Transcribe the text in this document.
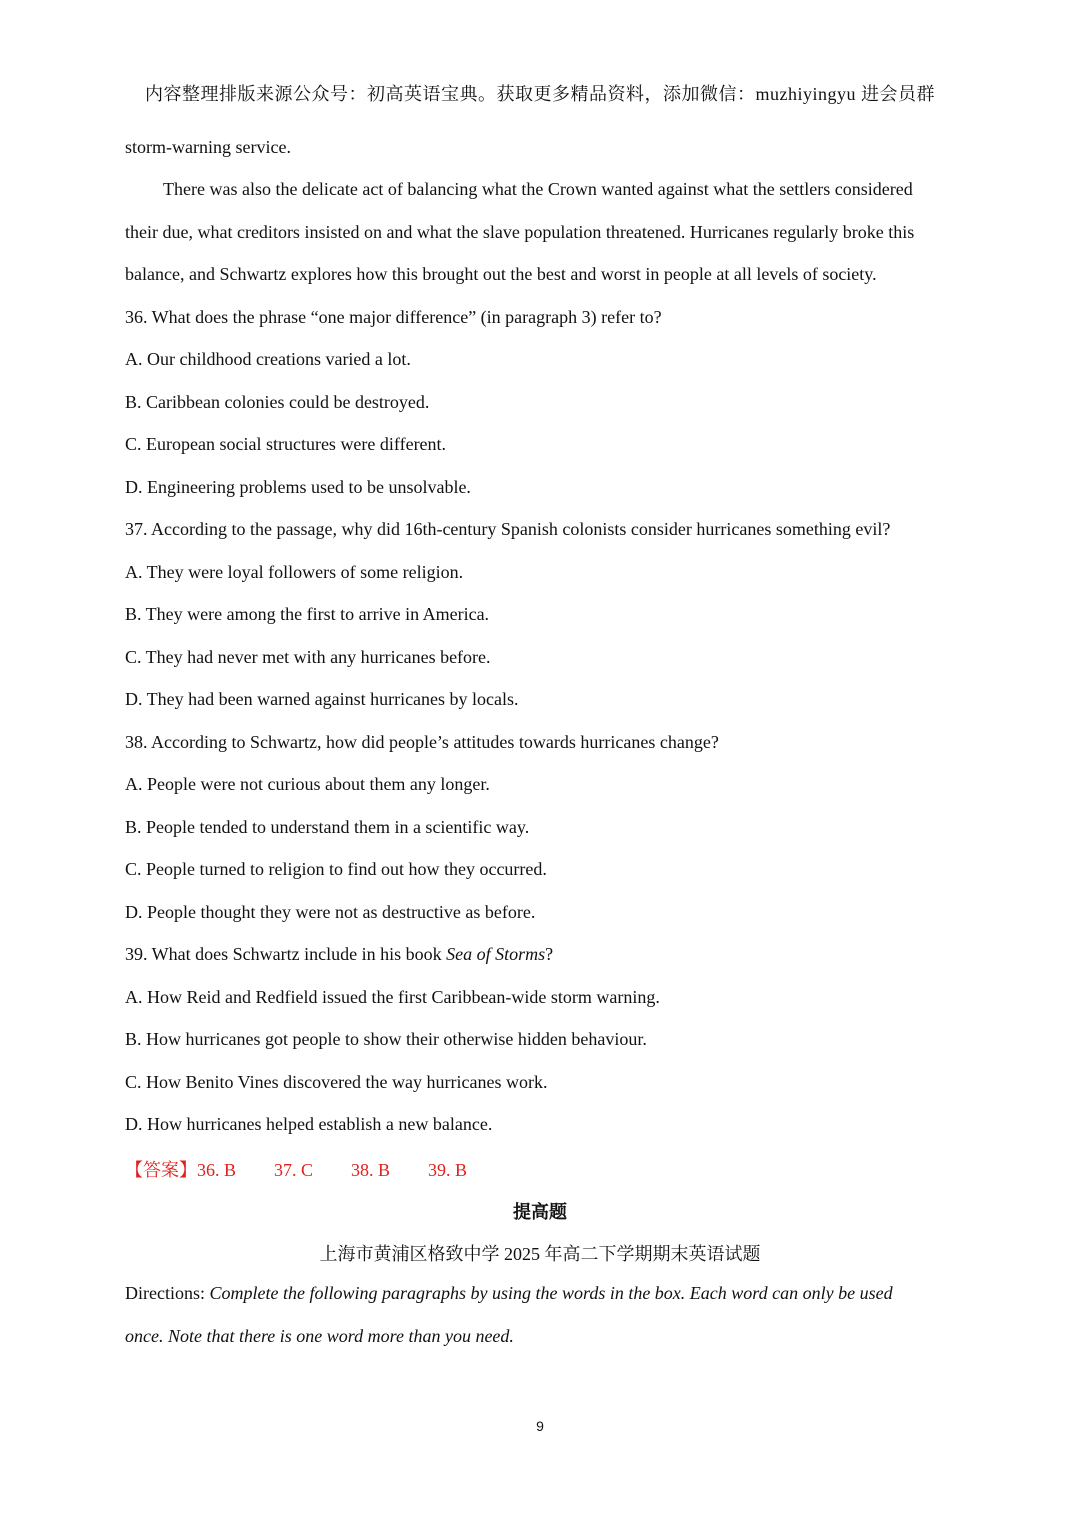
内容整理排版来源公众号：初高英语宝典。获取更多精品资料，添加微信：muzhiyingyu 进会员群
storm-warning service.
There was also the delicate act of balancing what the Crown wanted against what the settlers considered
their due, what creditors insisted on and what the slave population threatened. Hurricanes regularly broke this
balance, and Schwartz explores how this brought out the best and worst in people at all levels of society.
36. What does the phrase “one major difference” (in paragraph 3) refer to?
A. Our childhood creations varied a lot.
B. Caribbean colonies could be destroyed.
C. European social structures were different.
D. Engineering problems used to be unsolvable.
37. According to the passage, why did 16th-century Spanish colonists consider hurricanes something evil?
A. They were loyal followers of some religion.
B. They were among the first to arrive in America.
C. They had never met with any hurricanes before.
D. They had been warned against hurricanes by locals.
38. According to Schwartz, how did people’s attitudes towards hurricanes change?
A. People were not curious about them any longer.
B. People tended to understand them in a scientific way.
C. People turned to religion to find out how they occurred.
D. People thought they were not as destructive as before.
39. What does Schwartz include in his book Sea of Storms?
A. How Reid and Redfield issued the first Caribbean-wide storm warning.
B. How hurricanes got people to show their otherwise hidden behaviour.
C. How Benito Vines discovered the way hurricanes work.
D. How hurricanes helped establish a new balance.
【答案】36. B 37. C 38. B 39. B
提高题
上海市黄浦区格致中学 2025 年高二下学期期末英语试题
Directions: Complete the following paragraphs by using the words in the box. Each word can only be used
once. Note that there is one word more than you need.
9
